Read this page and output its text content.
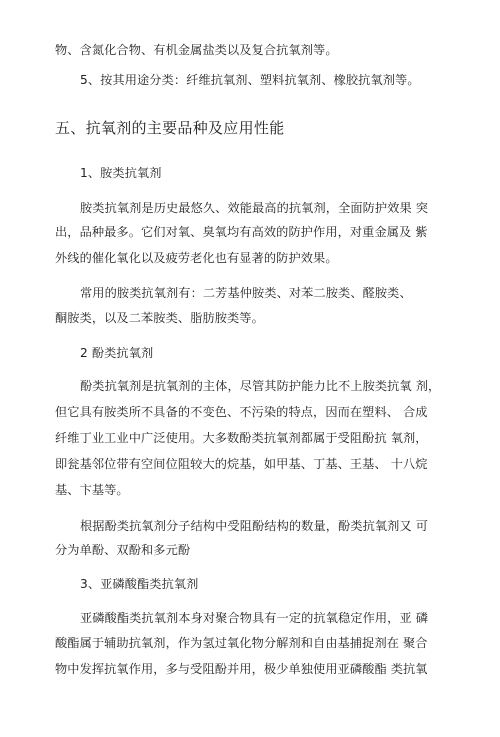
物、含氮化合物、有机金属盐类以及复合抗氧剂等。
5、按其用途分类：纤维抗氧剂、塑料抗氧剂、橡胶抗氧剂等。
五、抗氧剂的主要品种及应用性能
1、胺类抗氧剂
胺类抗氧剂是历史最悠久、效能最高的抗氧剂，全面防护效果 突
出，品种最多。它们对氧、臭氧均有高效的防护作用，对重金属及 紫
外线的催化氧化以及疲劳老化也有显著的防护效果。
常用的胺类抗氧剂有：二芳基仲胺类、对苯二胺类、醛胺类、
酮胺类，以及二苯胺类、脂肪胺类等。
2 酚类抗氧剂
酚类抗氧剂是抗氧剂的主体，尽管其防护能力比不上胺类抗氧 剂，
但它具有胺类所不具备的不变色、不污染的特点，因而在塑料、 合成
纤维丁业工业中广泛使用。大多数酚类抗氧剂都属于受阻酚抗 氧剂，
即瓮基邻位带有空间位阻较大的烷基，如甲基、丁基、王基、 十八烷
基、卞基等。
根据酚类抗氧剂分子结构中受阻酚结构的数量，酚类抗氧剂又 可
分为单酚、双酚和多元酚
3、亚磷酸酯类抗氧剂
亚磷酸酯类抗氧剂本身对聚合物具有一定的抗氧稳定作用，亚 磷
酸酯属于辅助抗氧剂，作为氢过氧化物分解剂和自由基捕捉剂在 聚合
物中发挥抗氧作用，多与受阻酚并用，极少单独使用亚磷酸酯 类抗氧
